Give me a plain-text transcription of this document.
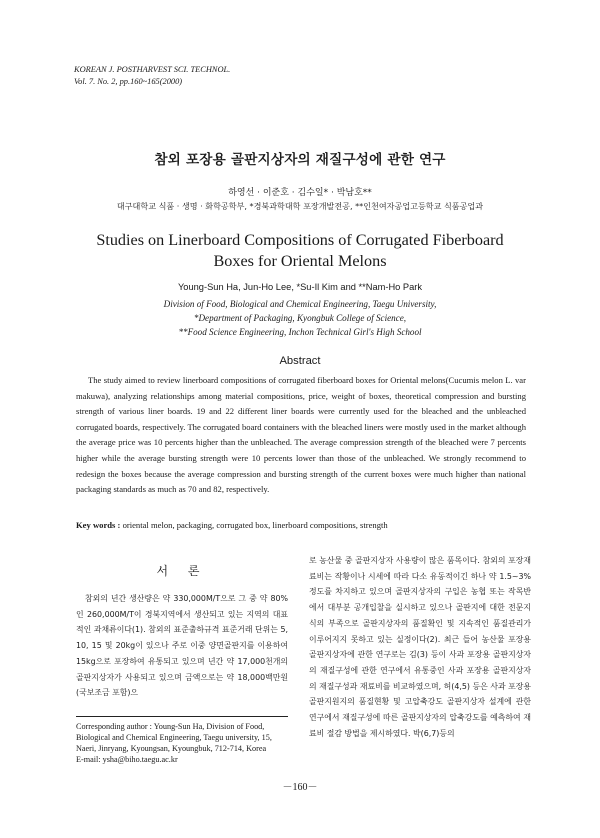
KOREAN J. POSTHARVEST SCI. TECHNOL.
Vol. 7. No. 2, pp.160~165(2000)
참외 포장용 골판지상자의 재질구성에 관한 연구
하영선 · 이준호 · 김수일* · 박남호**
대구대학교 식품 · 생명 · 화학공학부, *경북과학대학 포장개발전공, **인천여자공업고등학교 식품공업과
Studies on Linerboard Compositions of Corrugated Fiberboard
Boxes for Oriental Melons
Young-Sun Ha, Jun-Ho Lee, *Su-Il Kim and **Nam-Ho Park
Division of Food, Biological and Chemical Engineering, Taegu University,
*Department of Packaging, Kyongbuk College of Science,
**Food Science Engineering, Inchon Technical Girl's High School
Abstract

The study aimed to review linerboard compositions of corrugated fiberboard boxes for Oriental melons(Cucumis melon L. var makuwa), analyzing relationships among material compositions, price, weight of boxes, theoretical compression and bursting strength of various liner boards. 19 and 22 different liner boards were currently used for the bleached and the unbleached corrugated boards, respectively. The corrugated board containers with the bleached liners were mostly used in the market although the average price was 10 percents higher than the unbleached. The average compression strength of the bleached were 7 percents higher while the average bursting strength were 10 percents lower than those of the unbleached. We strongly recommend to redesign the boxes because the average compression and bursting strength of the current boxes were much higher than national packaging standards as much as 70 and 82, respectively.

Key words : oriental melon, packaging, corrugated box, linerboard compositions, strength
서 론

참외의 년간 생산량은 약 330,000M/T으로 그 중 약 80%인 260,000M/T이 경북지역에서 생산되고 있는 지역의 대표적인 과채류이다(1). 참외의 표준출하규격 표준거래 단위는 5, 10, 15 및 20kg이 있으나 주로 이중 양면골판지를 이용하여 15kg으로 포장하여 유통되고 있으며 년간 약 17,000천개의 골판지상자가 사용되고 있으며 금액으로는 약 18,000백만원(국보조금 포함)으

로 농산물 중 골판지상자 사용량이 많은 품목이다. 참외의 포장재료비는 작황이나 시세에 따라 다소 유동적이긴 하나 약 1.5~3% 정도를 차지하고 있으며 골판지상자의 구입은 농협 또는 작목반에서 대부분 공개입찰을 실시하고 있으나 골판지에 대한 전문지식의 부족으로 골판지상자의 품질확인 및 지속적인 품질관리가 이루어지지 못하고 있는 실정이다(2). 최근 들어 농산물 포장용 골판지상자에 관한 연구로는 김(3) 등이 사과 포장용 골판지상자의 재질구성에 관한 연구에서 유통중인 사과 포장용 골판지상자의 재질구성과 재료비를 비교하였으며, 허(4,5) 등은 사과 포장용 골판지원지의 품질현황 및 고압축강도 골판지상자 설계에 관한 연구에서 재질구성에 따른 골판지상자의 압축강도를 예측하여 재료비 절감 방법을 제시하였다. 박(6,7)등의

Corresponding author : Young-Sun Ha, Division of Food,
Biological and Chemical Engineering, Taegu university, 15,
Naeri, Jinryang, Kyoungsan, Kyoungbuk, 712-714, Korea
E-mail: ysha@biho.taegu.ac.kr
－160－
